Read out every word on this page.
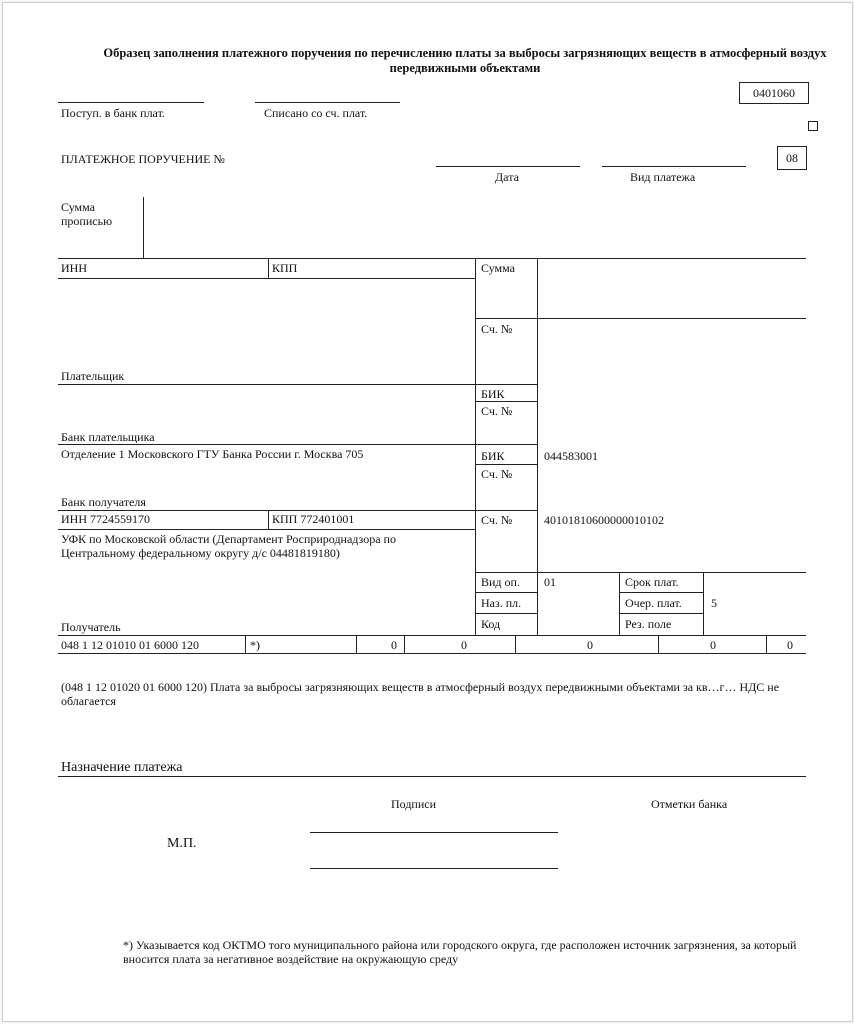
Образец заполнения платежного поручения по перечислению платы за выбросы загрязняющих веществ в атмосферный воздух передвижными объектами
0401060
Поступ. в банк плат.	Списано со сч. плат.
ПЛАТЕЖНОЕ ПОРУЧЕНИЕ №
Дата	Вид платежа
08
Сумма прописью
ИНН	КПП	Сумма
Сч. №
Плательщик
БИК
Сч. №
Банк плательщика
Отделение 1 Московского ГТУ Банка России г. Москва 705	БИК	044583001
Сч. №
Банк получателя
ИНН 7724559170	КПП 772401001	Сч. №	40101810600000010102
УФК по Московской области (Департамент Росприроднадзора по Центральному федеральному округу д/с 04481819180)
Вид оп. 01	Срок плат.
Наз. пл.	Очер. плат. 5
Код	Рез. поле
Получатель
048 1 12 01010 01 6000 120	*)	0	0	0	0	0
(048 1 12 01020 01 6000 120) Плата за выбросы загрязняющих веществ в атмосферный воздух передвижными объектами за кв…г… НДС не облагается
Назначение платежа
Подписи	Отметки банка
М.П.
*) Указывается код ОКТМО того муниципального района или городского округа, где расположен источник загрязнения, за который вносится плата за негативное воздействие на окружающую среду
